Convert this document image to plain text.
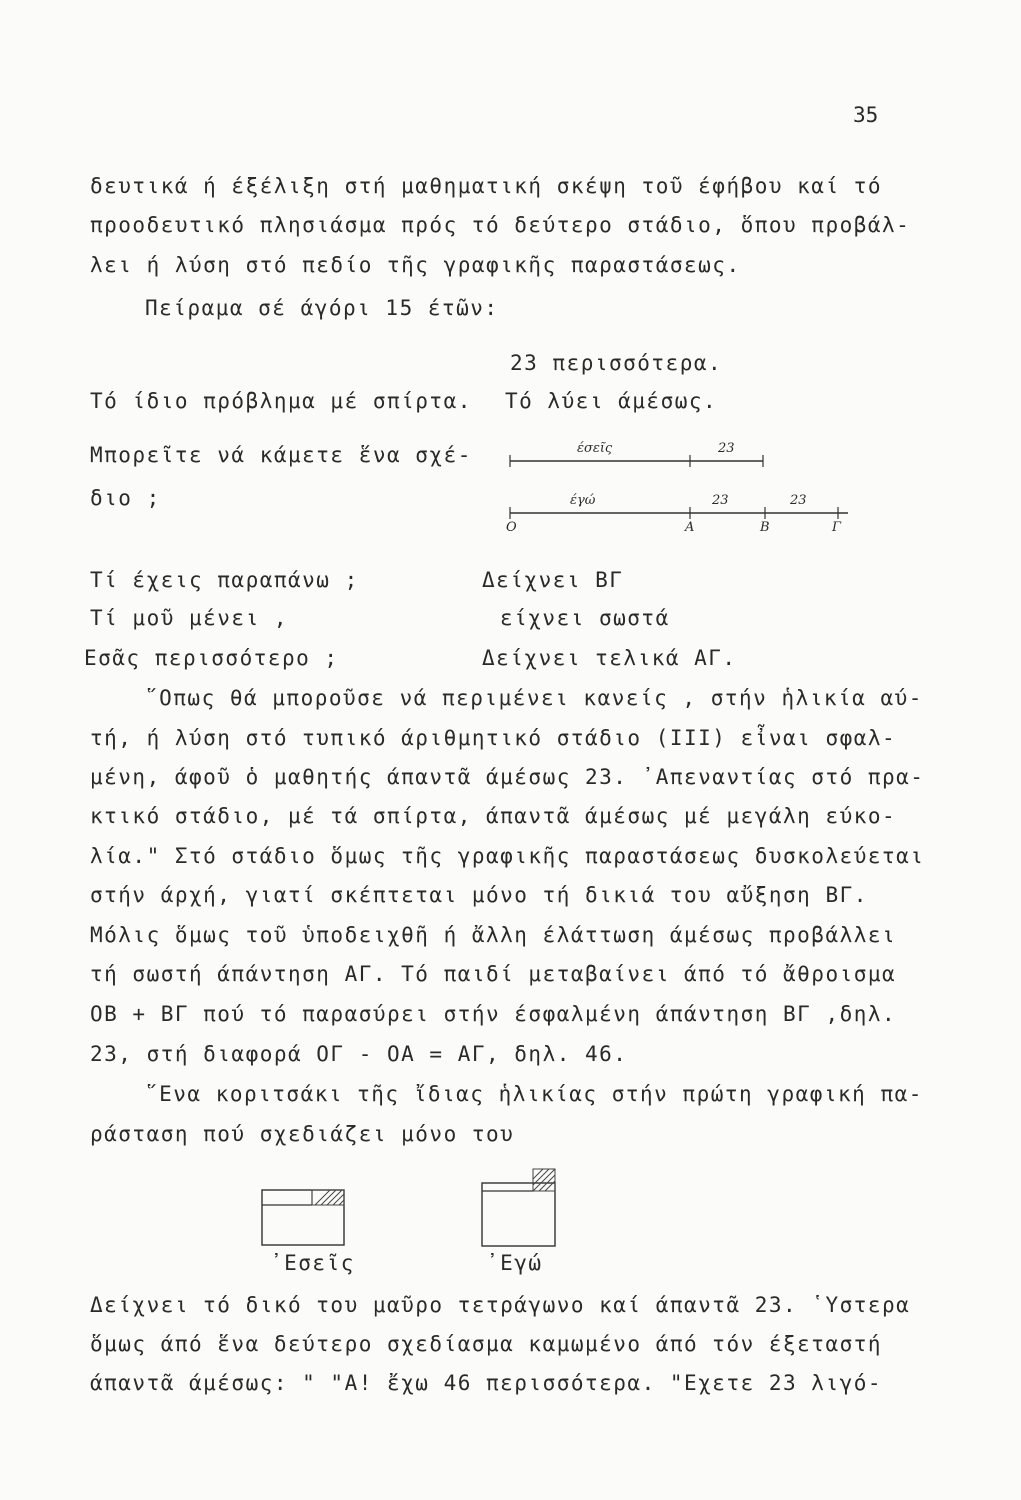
35
δευτικά ή έξέλιξη στή μαθηματική σκέψη τοῦ έφήβου καί τό
προοδευτικό πλησιάσμα πρός τό δεύτερο στάδιο, ὅπου προβάλ-
λει ή λύση στό πεδίο τῆς γραφικῆς παραστάσεως.
Πείραμα σέ άγόρι 15 έτῶν:
23 περισσότερα.
Τό ίδιο πρόβλημα μέ σπίρτα. Τό λύει άμέσως.
Μπορεῖτε νά κάμετε ἕνα σχέ-
διο ;
έσεῖς	23
έγώ	23	23
Ο	Α	Β	Γ
Τί έχεις παραπάνω ;	Δείχνει ΒΓ
Τί μοῦ μένει ,	είχνει σωστά
Εσᾶς περισσότερο ;	Δείχνει τελικά ΑΓ.
῞Οπως θά μποροῦσε νά περιμένει κανείς , στήν ἡλικία αύ-
τή, ή λύση στό τυπικό άριθμητικό στάδιο (III) εἶναι σφαλ-
μένη, άφοῦ ὁ μαθητής άπαντᾶ άμέσως 23. ᾿Απεναντίας στό πρα-
κτικό στάδιο, μέ τά σπίρτα, άπαντᾶ άμέσως μέ μεγάλη εύκο-
λία." Στό στάδιο ὅμως τῆς γραφικῆς παραστάσεως δυσκολεύεται
στήν άρχή, γιατί σκέπτεται μόνο τή δικιά του αὔξηση ΒΓ.
Μόλις ὅμως τοῦ ὑποδειχθῆ ή ἄλλη έλάττωση άμέσως προβάλλει
τή σωστή άπάντηση ΑΓ. Τό παιδί μεταβαίνει άπό τό ἄθροισμα
ΟΒ + ΒΓ πού τό παρασύρει στήν έσφαλμένη άπάντηση ΒΓ ,δηλ.
23, στή διαφορά ΟΓ - ΟΑ = ΑΓ, δηλ. 46.
῞Ενα κοριτσάκι τῆς ἴδιας ἡλικίας στήν πρώτη γραφική πα-
ράσταση πού σχεδιάζει μόνο του
᾿Εσεῖς	᾿Εγώ
Δείχνει τό δικό του μαῦρο τετράγωνο καί άπαντᾶ 23. ῾Υστερα
ὅμως άπό ἕνα δεύτερο σχεδίασμα καμωμένο άπό τόν έξεταστή
άπαντᾶ άμέσως: " "Α! ἔχω 46 περισσότερα. "Εχετε 23 λιγό-
